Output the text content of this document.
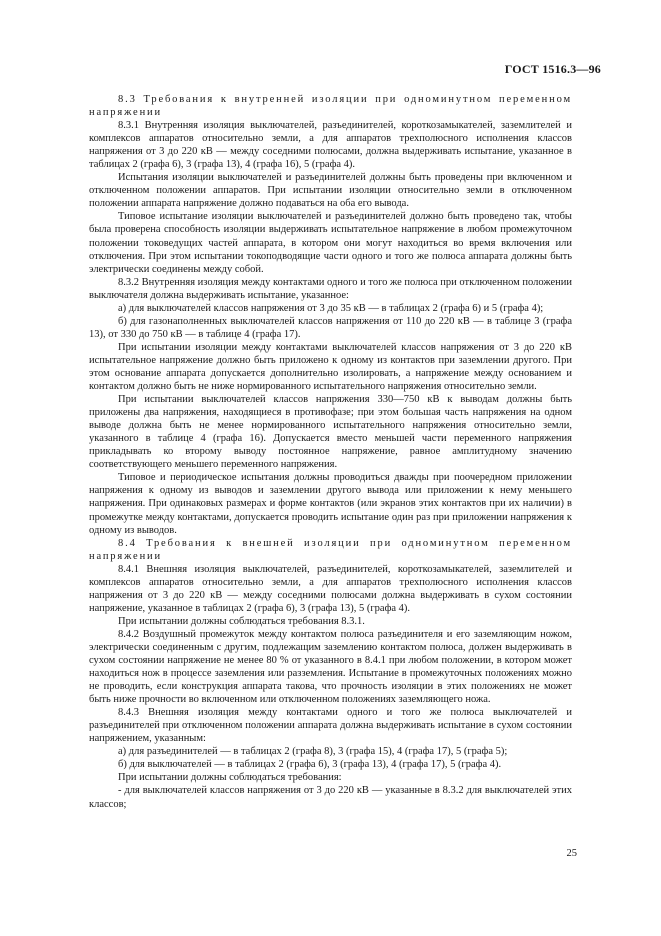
ГОСТ 1516.3—96

8.3 Требования к внутренней изоляции при одноминутном переменном напряжении

8.3.1 Внутренняя изоляция выключателей, разъединителей, короткозамыкателей, заземлителей и комплексов аппаратов относительно земли, а для аппаратов трехполюсного исполнения классов напряжения от 3 до 220 кВ — между соседними полюсами, должна выдерживать испытание, указанное в таблицах 2 (графа 6), 3 (графа 13), 4 (графа 16), 5 (графа 4).

Испытания изоляции выключателей и разъединителей должны быть проведены при включенном и отключенном положении аппаратов. При испытании изоляции относительно земли в отключенном положении аппарата напряжение должно подаваться на оба его вывода.

Типовое испытание изоляции выключателей и разъединителей должно быть проведено так, чтобы была проверена способность изоляции выдерживать испытательное напряжение в любом промежуточном положении токоведущих частей аппарата, в котором они могут находиться во время включения или отключения. При этом испытании токоподводящие части одного и того же полюса аппарата должны быть электрически соединены между собой.

8.3.2 Внутренняя изоляция между контактами одного и того же полюса при отключенном положении выключателя должна выдерживать испытание, указанное:

а) для выключателей классов напряжения от 3 до 35 кВ — в таблицах 2 (графа 6) и 5 (графа 4);

б) для газонаполненных выключателей классов напряжения от 110 до 220 кВ — в таблице 3 (графа 13), от 330 до 750 кВ — в таблице 4 (графа 17).

При испытании изоляции между контактами выключателей классов напряжения от 3 до 220 кВ испытательное напряжение должно быть приложено к одному из контактов при заземлении другого. При этом основание аппарата допускается дополнительно изолировать, а напряжение между основанием и контактом должно быть не ниже нормированного испытательного напряжения относительно земли.

При испытании выключателей классов напряжения 330—750 кВ к выводам должны быть приложены два напряжения, находящиеся в противофазе; при этом большая часть напряжения на одном выводе должна быть не менее нормированного испытательного напряжения относительно земли, указанного в таблице 4 (графа 16). Допускается вместо меньшей части переменного напряжения прикладывать ко второму выводу постоянное напряжение, равное амплитудному значению соответствующего меньшего переменного напряжения.

Типовое и периодическое испытания должны проводиться дважды при поочередном приложении напряжения к одному из выводов и заземлении другого вывода или приложении к нему меньшего напряжения. При одинаковых размерах и форме контактов (или экранов этих контактов при их наличии) в промежутке между контактами, допускается проводить испытание один раз при приложении напряжения к одному из выводов.

8.4 Требования к внешней изоляции при одноминутном переменном напряжении

8.4.1 Внешняя изоляция выключателей, разъединителей, короткозамыкателей, заземлителей и комплексов аппаратов относительно земли, а для аппаратов трехполюсного исполнения классов напряжения от 3 до 220 кВ — между соседними полюсами должна выдерживать в сухом состоянии напряжение, указанное в таблицах 2 (графа 6), 3 (графа 13), 5 (графа 4).

При испытании должны соблюдаться требования 8.3.1.

8.4.2 Воздушный промежуток между контактом полюса разъединителя и его заземляющим ножом, электрически соединенным с другим, подлежащим заземлению контактом полюса, должен выдерживать в сухом состоянии напряжение не менее 80 % от указанного в 8.4.1 при любом положении, в котором может находиться нож в процессе заземления или разземления. Испытание в промежуточных положениях можно не проводить, если конструкция аппарата такова, что прочность изоляции в этих положениях не может быть ниже прочности во включенном или отключенном положениях заземляющего ножа.

8.4.3 Внешняя изоляция между контактами одного и того же полюса выключателей и разъединителей при отключенном положении аппарата должна выдерживать испытание в сухом состоянии напряжением, указанным:

а) для разъединителей — в таблицах 2 (графа 8), 3 (графа 15), 4 (графа 17), 5 (графа 5);

б) для выключателей — в таблицах 2 (графа 6), 3 (графа 13), 4 (графа 17), 5 (графа 4).

При испытании должны соблюдаться требования:

- для выключателей классов напряжения от 3 до 220 кВ — указанные в 8.3.2 для выключателей этих классов;

25
